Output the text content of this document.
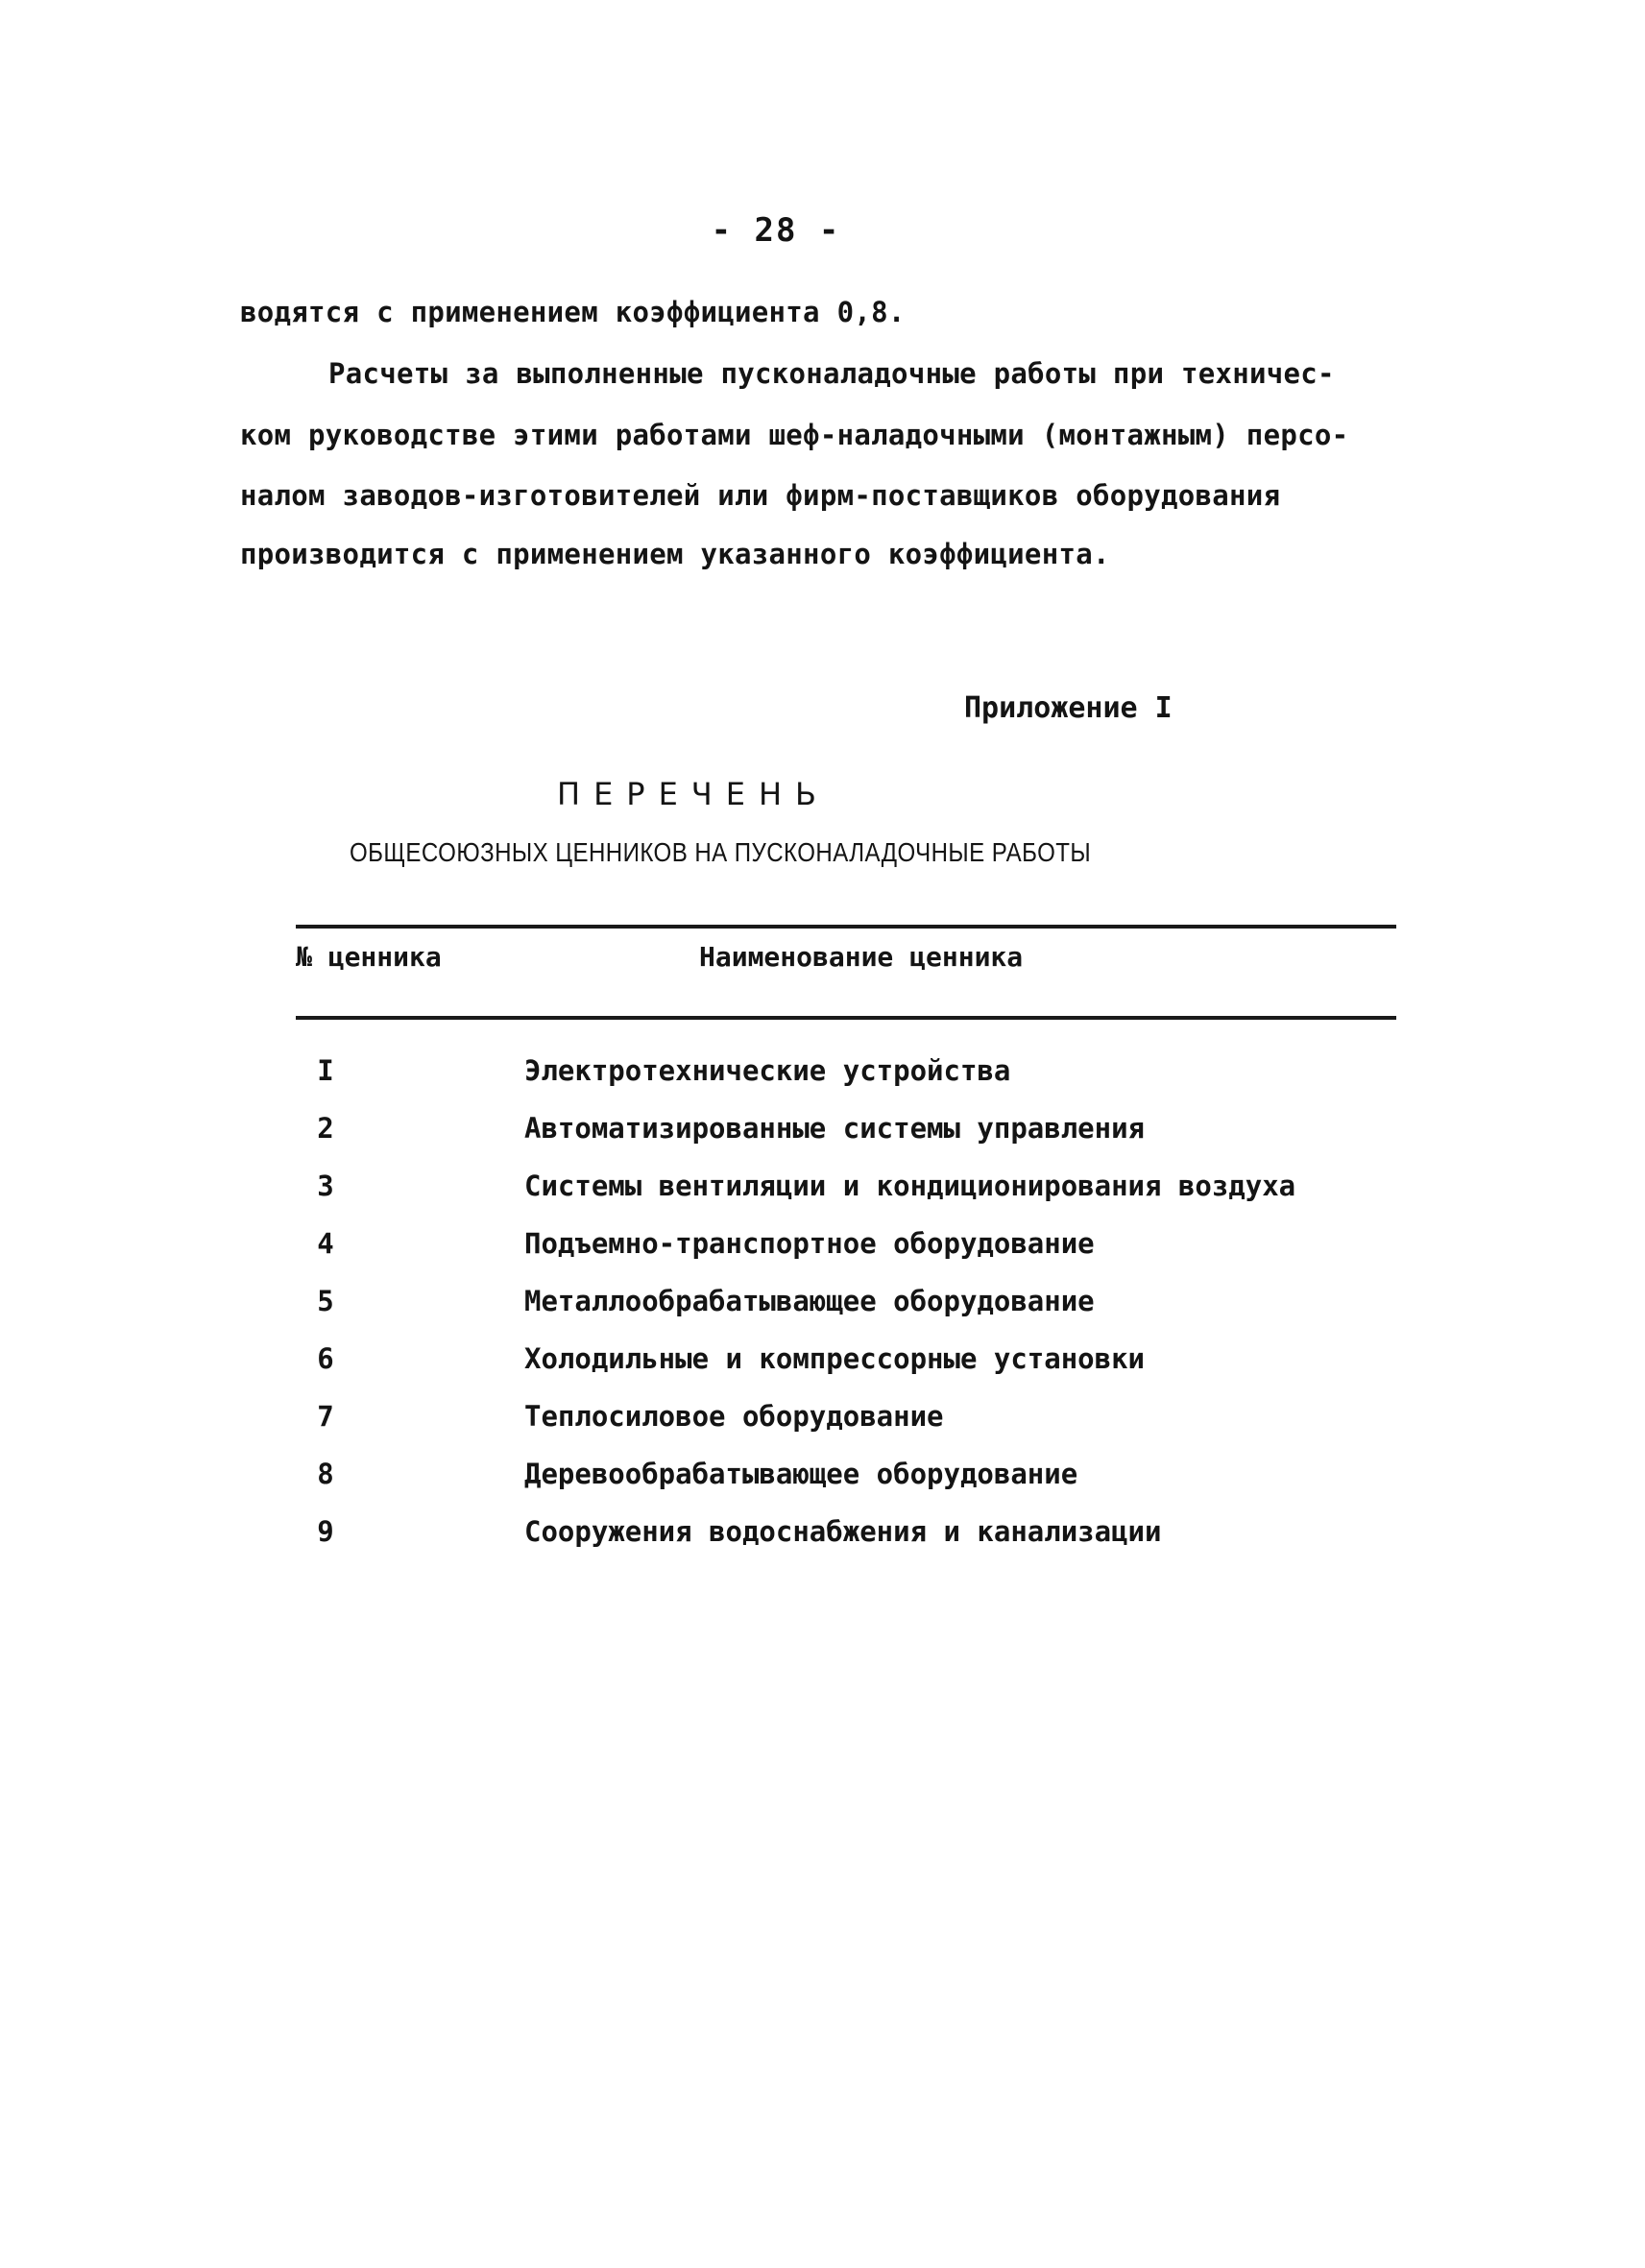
- 28 -
водятся с применением коэффициента 0,8.
Расчеты за выполненные пусконаладочные работы при техничес-
ком руководстве этими работами шеф-наладочными (монтажным) персо-
налом заводов-изготовителей или фирм-поставщиков оборудования
производится с применением указанного коэффициента.
Приложение I
ПЕРЕЧЕНЬ
ОБЩЕСОЮЗНЫХ ЦЕННИКОВ НА ПУСКОНАЛАДОЧНЫЕ РАБОТЫ
№ ценника	Наименование ценника
I	Электротехнические устройства
2	Автоматизированные системы управления
3	Системы вентиляции и кондиционирования воздуха
4	Подъемно-транспортное оборудование
5	Металлообрабатывающее оборудование
6	Холодильные и компрессорные установки
7	Теплосиловое оборудование
8	Деревообрабатывающее оборудование
9	Сооружения водоснабжения и канализации
